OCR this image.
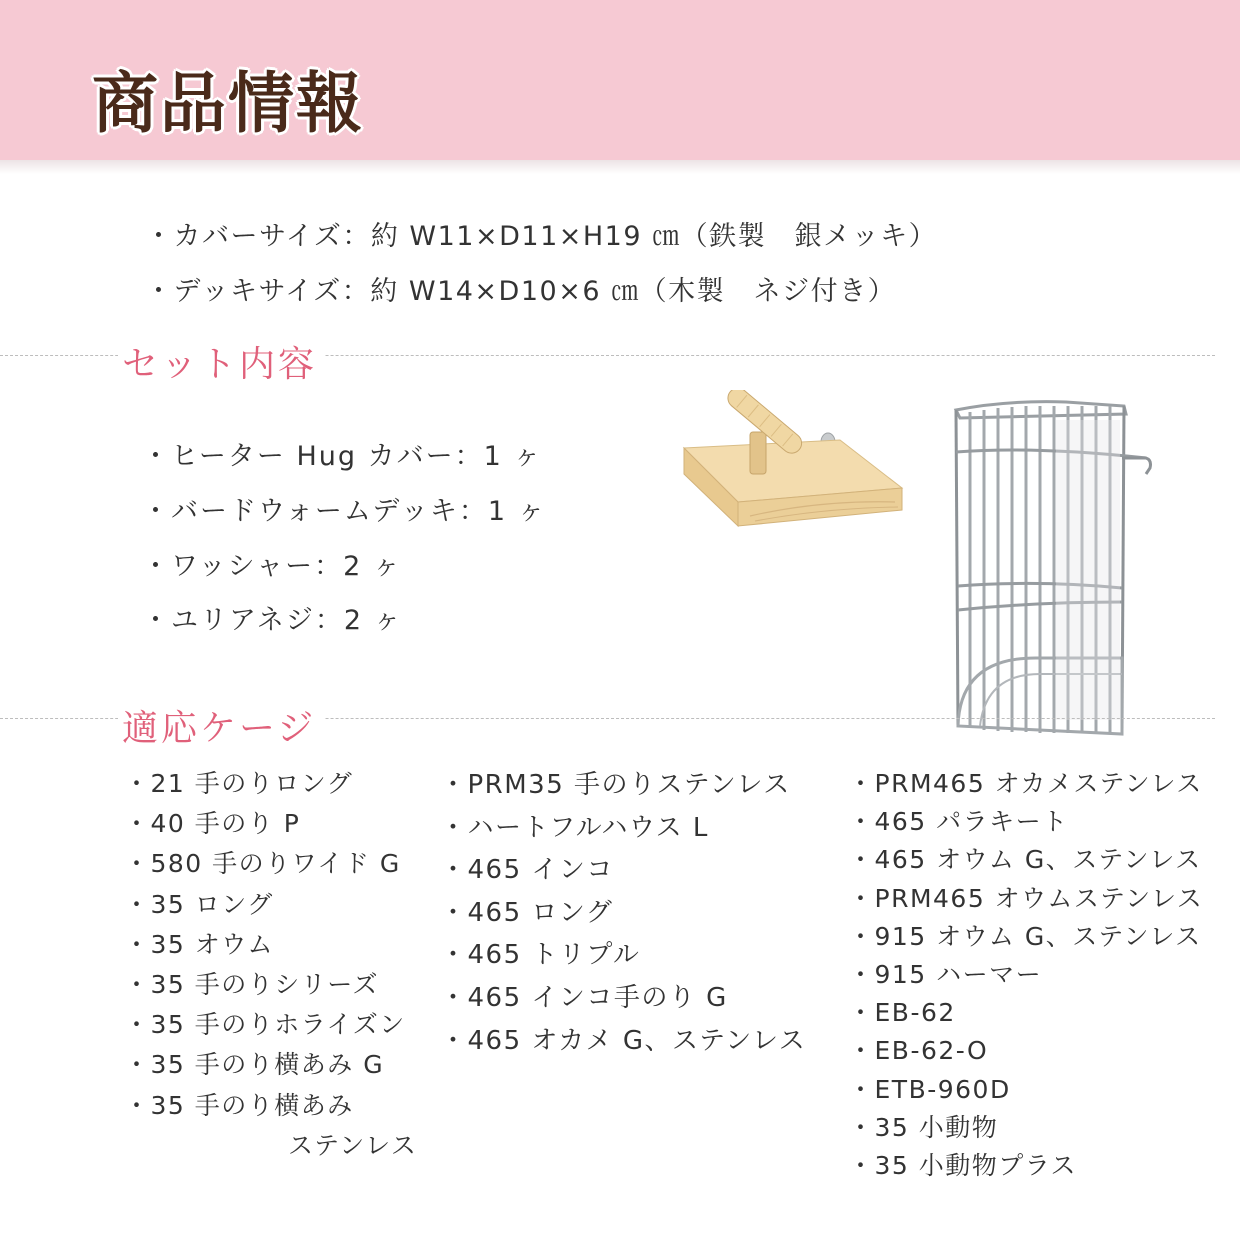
商品情報
・カバーサイズ：約 W11×D11×H19 ㎝（鉄製　銀メッキ）
・デッキサイズ：約 W14×D10×6 ㎝（木製　ネジ付き）
セット内容
・ヒーター Hug カバー：1 ヶ
・バードウォームデッキ：1 ヶ
・ワッシャー：2 ヶ
・ユリアネジ：2 ヶ
適応ケージ
・21 手のりロング
・40 手のり P
・580 手のりワイド G
・35 ロング
・35 オウム
・35 手のりシリーズ
・35 手のりホライズン
・35 手のり横あみ G
・35 手のり横あみ
ステンレス
・PRM35 手のりステンレス
・ハートフルハウス L
・465 インコ
・465 ロング
・465 トリプル
・465 インコ手のり G
・465 オカメ G、ステンレス
・PRM465 オカメステンレス
・465 パラキート
・465 オウム G、ステンレス
・PRM465 オウムステンレス
・915 オウム G、ステンレス
・915 ハーマー
・EB-62
・EB-62-O
・ETB-960D
・35 小動物
・35 小動物プラス
